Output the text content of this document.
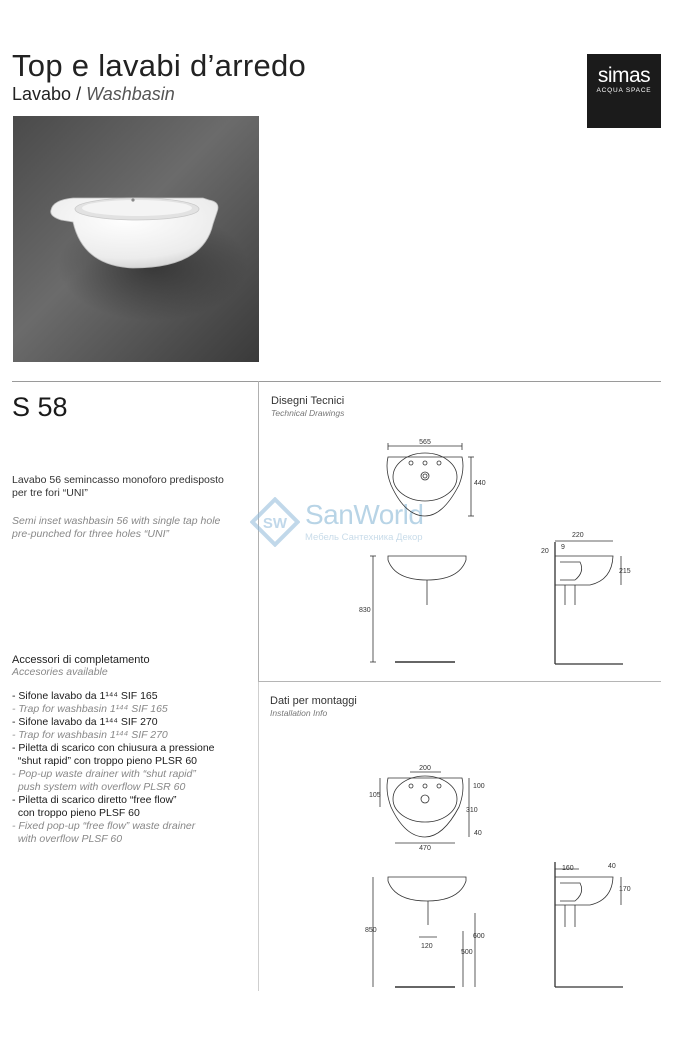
Top e lavabi d’arredo
Lavabo / Washbasin
simas
ACQUA SPACE
S 58	Disegni Tecnici
Technical Drawings
Lavabo 56 semincasso monoforo predisposto
per tre fori “UNI”
Semi inset washbasin 56 with single tap hole
pre-punched for three holes “UNI”
SW SanWorld
Мебель Сантехника Декор
Accessori di completamento
Accesories available
- Sifone lavabo da 1¹⁴⁴ SIF 165
- Trap for washbasin 1¹⁴⁴ SIF 165
- Sifone lavabo da 1¹⁴⁴ SIF 270
- Trap for washbasin 1¹⁴⁴ SIF 270
- Piletta di scarico con chiusura a pressione
“shut rapid” con troppo pieno PLSR 60
- Pop-up waste drainer with “shut rapid”
push system with overflow PLSR 60
- Piletta di scarico diretto “free flow”
con troppo pieno PLSF 60
- Fixed pop-up “free flow” waste drainer
with overflow PLSF 60
Dati per montaggi
Installation Info
565
440
830
220
20
9
215
200
105
100
310
40
470
160	40
170
850
600
500
120
